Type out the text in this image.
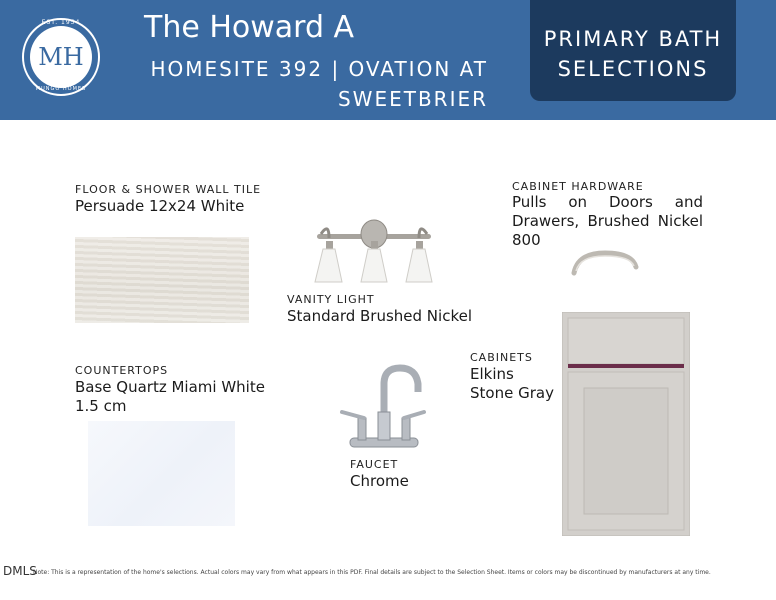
EST. 1954
MH
MUNGO HOMES
The Howard A
HOMESITE 392 | OVATION AT SWEETBRIER
PRIMARY BATH SELECTIONS
FLOOR & SHOWER WALL TILE
Persuade 12x24 White
VANITY LIGHT
Standard Brushed Nickel
CABINET HARDWARE
Pulls on Doors and Drawers, Brushed Nickel 800
COUNTERTOPS
Base Quartz Miami White 1.5 cm
FAUCET
Chrome
CABINETS
Elkins Stone Gray
DMLS
Note: This is a representation of the home's selections. Actual colors may vary from what appears in this PDF. Final details are subject to the Selection Sheet. Items or colors may be discontinued by manufacturers at any time.
